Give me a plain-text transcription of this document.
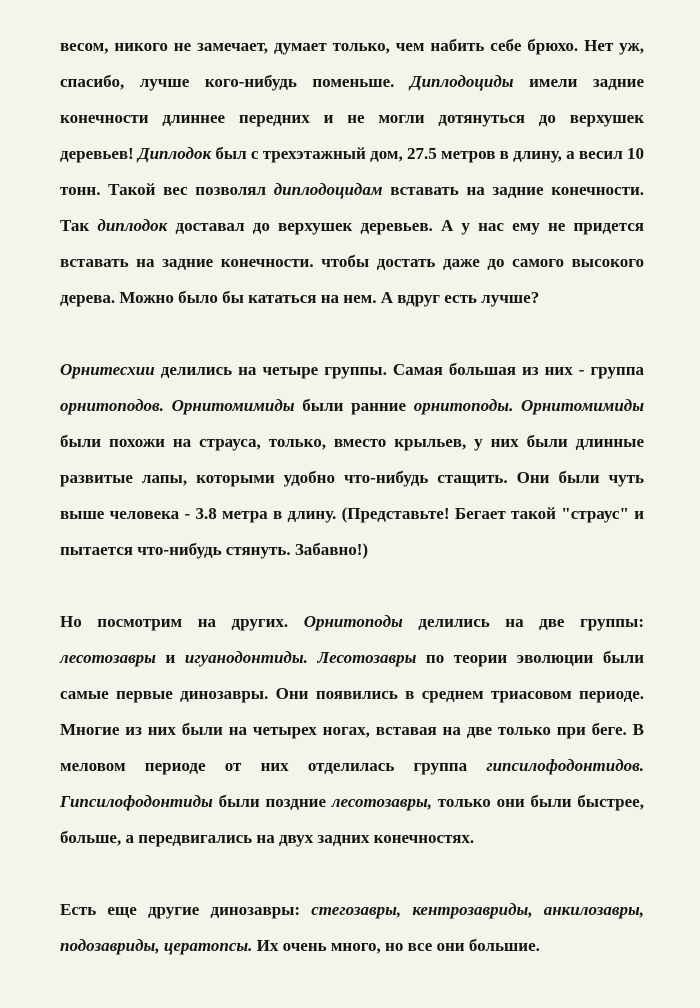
весом, никого не замечает, думает только, чем набить себе брюхо. Нет уж, спасибо, лучше кого-нибудь поменьше. Диплодоциды имели задние конечности длиннее передних и не могли дотянуться до верхушек деревьев! Диплодок был с трехэтажный дом, 27.5 метров в длину, а весил 10 тонн. Такой вес позволял диплодоцидам вставать на задние конечности. Так диплодок доставал до верхушек деревьев. А у нас ему не придется вставать на задние конечности. чтобы достать даже до самого высокого дерева. Можно было бы кататься на нем. А вдруг есть лучше?

Орнитесхии делились на четыре группы. Самая большая из них - группа орнитоподов. Орнитомимиды были ранние орнитоподы. Орнитомимиды были похожи на страуса, только, вместо крыльев, у них были длинные развитые лапы, которыми удобно что-нибудь стащить. Они были чуть выше человека - 3.8 метра в длину. (Представьте! Бегает такой "страус" и пытается что-нибудь стянуть. Забавно!)

Но посмотрим на других. Орнитоподы делились на две группы: лесотозавры и игуанодонтиды. Лесотозавры по теории эволюции были самые первые динозавры. Они появились в среднем триасовом периоде. Многие из них были на четырех ногах, вставая на две только при беге. В меловом периоде от них отделилась группа гипсилофодонтидов. Гипсилофодонтиды были поздние лесотозавры, только они были быстрее, больше, а передвигались на двух задних конечностях.

Есть еще другие динозавры: стегозавры, кентрозавриды, анкилозавры, подозавриды, цератопсы. Их очень много, но все они большие.
